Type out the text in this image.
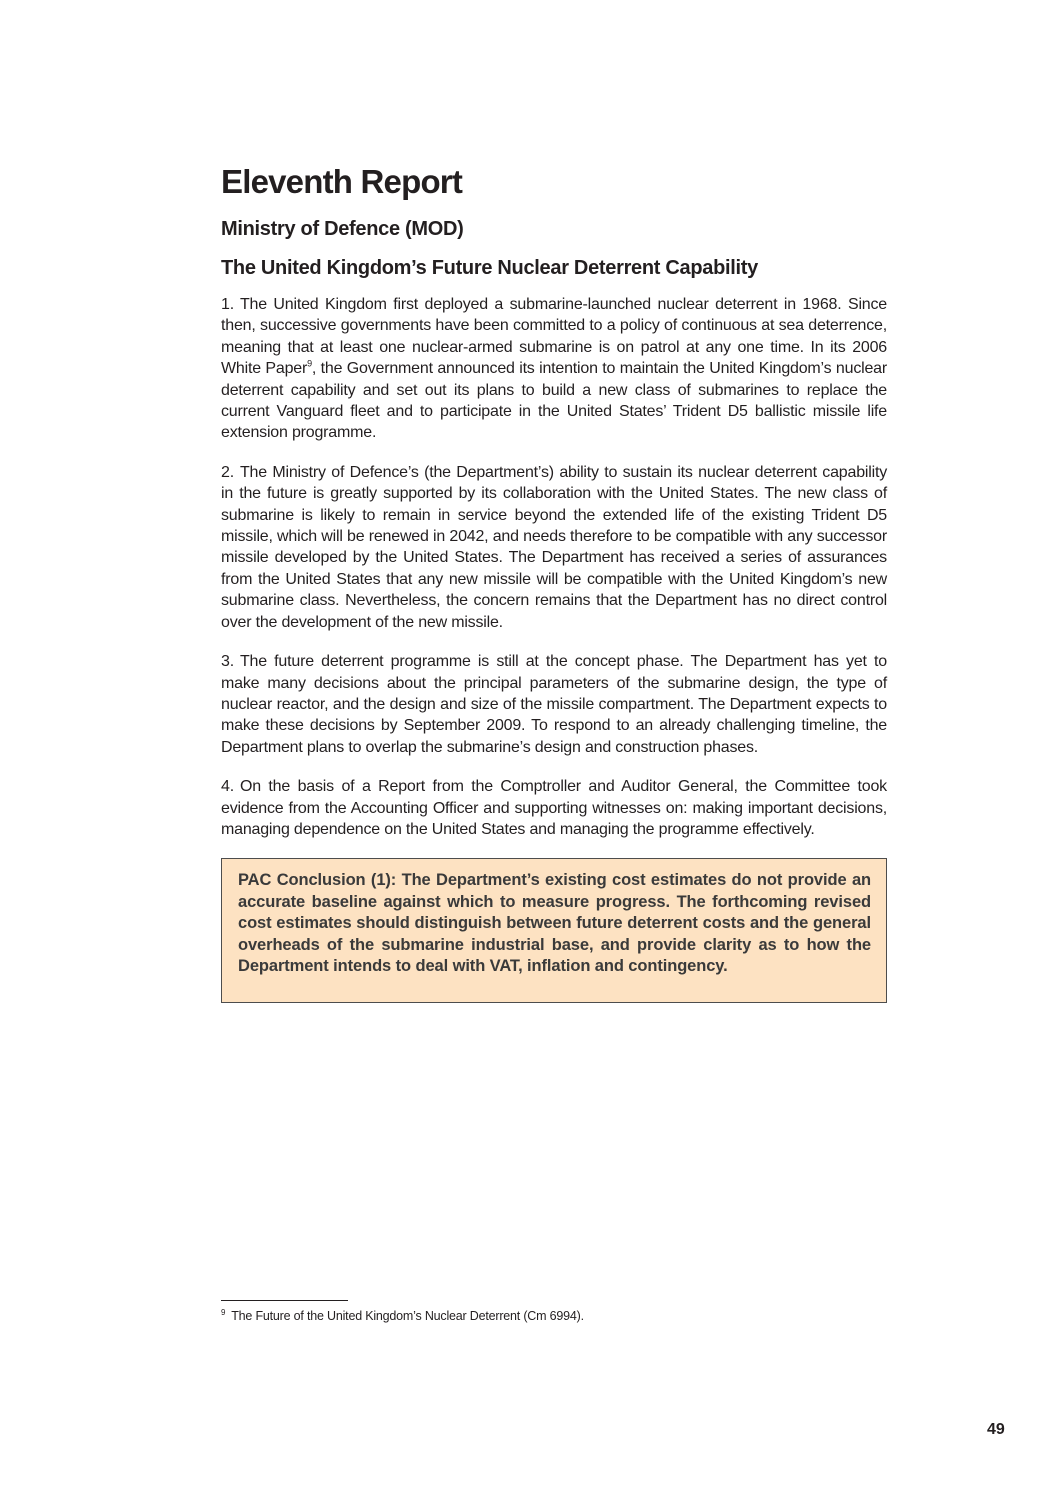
Eleventh Report
Ministry of Defence (MOD)
The United Kingdom’s Future Nuclear Deterrent Capability

1. The United Kingdom first deployed a submarine-launched nuclear deterrent in 1968. Since then, successive governments have been committed to a policy of continuous at sea deterrence, meaning that at least one nuclear-armed submarine is on patrol at any one time. In its 2006 White Paper$^9$, the Government announced its intention to maintain the United Kingdom’s nuclear deterrent capability and set out its plans to build a new class of submarines to replace the current Vanguard fleet and to participate in the United States’ Trident D5 ballistic missile life extension programme.

2. The Ministry of Defence’s (the Department’s) ability to sustain its nuclear deterrent capability in the future is greatly supported by its collaboration with the United States. The new class of submarine is likely to remain in service beyond the extended life of the existing Trident D5 missile, which will be renewed in 2042, and needs therefore to be compatible with any successor missile developed by the United States. The Department has received a series of assurances from the United States that any new missile will be compatible with the United Kingdom’s new submarine class. Nevertheless, the concern remains that the Department has no direct control over the development of the new missile.

3. The future deterrent programme is still at the concept phase. The Department has yet to make many decisions about the principal parameters of the submarine design, the type of nuclear reactor, and the design and size of the missile compartment. The Department expects to make these decisions by September 2009. To respond to an already challenging timeline, the Department plans to overlap the submarine’s design and construction phases.

4. On the basis of a Report from the Comptroller and Auditor General, the Committee took evidence from the Accounting Officer and supporting witnesses on: making important decisions, managing dependence on the United States and managing the programme effectively.

PAC Conclusion (1): The Department’s existing cost estimates do not provide an accurate baseline against which to measure progress. The forthcoming revised cost estimates should distinguish between future deterrent costs and the general overheads of the submarine industrial base, and provide clarity as to how the Department intends to deal with VAT, inflation and contingency.
$^9$ The Future of the United Kingdom’s Nuclear Deterrent (Cm 6994).
49
